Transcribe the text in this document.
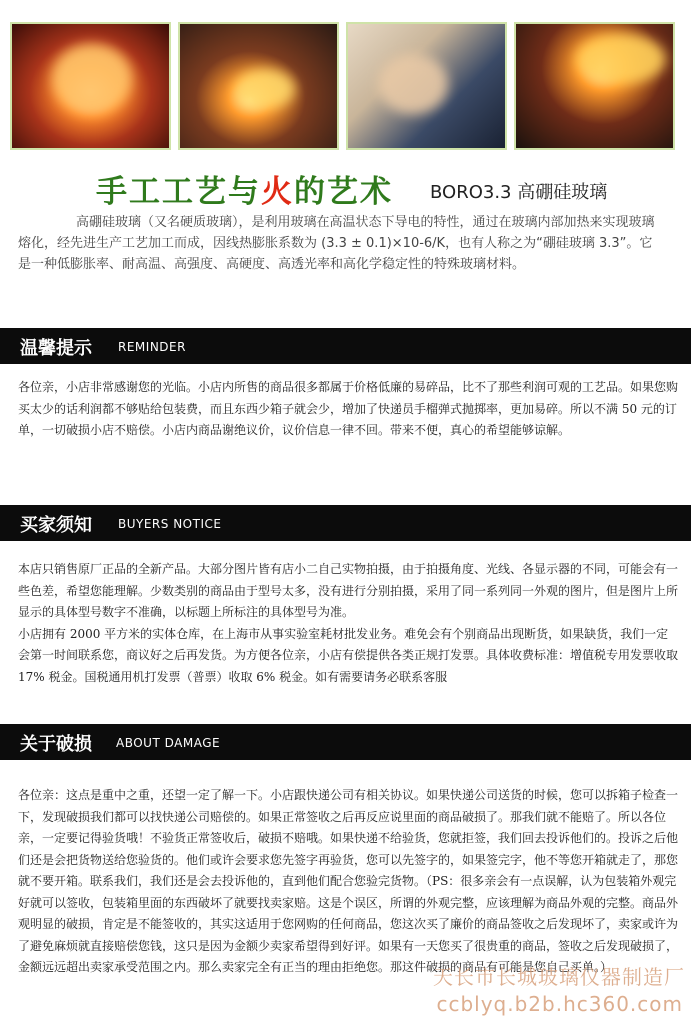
手工工艺与火的艺术 BORO3.3 高硼硅玻璃
高硼硅玻璃（又名硬质玻璃），是利用玻璃在高温状态下导电的特性，通过在玻璃内部加热来实现玻璃熔化，经先进生产工艺加工而成，因线热膨胀系数为 (3.3 ± 0.1)×10-6/K，也有人称之为“硼硅玻璃 3.3”。它是一种低膨胀率、耐高温、高强度、高硬度、高透光率和高化学稳定性的特殊玻璃材料。
温馨提示 REMINDER

各位亲，小店非常感谢您的光临。小店内所售的商品很多都属于价格低廉的易碎品，比不了那些利润可观的工艺品。如果您购买太少的话利润都不够贴给包装费，而且东西少箱子就会少，增加了快递员手榴弹式抛掷率，更加易碎。所以不满 50 元的订单，一切破损小店不赔偿。小店内商品谢绝议价，议价信息一律不回。带来不便，真心的希望能够谅解。

买家须知 BUYERS NOTICE

本店只销售原厂正品的全新产品。大部分图片皆有店小二自己实物拍摄，由于拍摄角度、光线、各显示器的不同，可能会有一些色差，希望您能理解。少数类别的商品由于型号太多，没有进行分别拍摄，采用了同一系列同一外观的图片，但是图片上所显示的具体型号数字不准确，以标题上所标注的具体型号为准。

小店拥有 2000 平方米的实体仓库，在上海市从事实验室耗材批发业务。难免会有个别商品出现断货，如果缺货，我们一定会第一时间联系您，商议好之后再发货。为方便各位亲，小店有偿提供各类正规打发票。具体收费标准：增值税专用发票收取 17% 税金。国税通用机打发票（普票）收取 6% 税金。如有需要请务必联系客服

关于破损 ABOUT DAMAGE

各位亲：这点是重中之重，还望一定了解一下。小店跟快递公司有相关协议。如果快递公司送货的时候，您可以拆箱子检查一下，发现破损我们都可以找快递公司赔偿的。如果正常签收之后再反应说里面的商品破损了。那我们就不能赔了。所以各位亲，一定要记得验货哦！不验货正常签收后，破损不赔哦。如果快递不给验货，您就拒签，我们回去投诉他们的。投诉之后他们还是会把货物送给您验货的。他们或许会要求您先签字再验货，您可以先签字的，如果签完字，他不等您开箱就走了，那您就不要开箱。联系我们，我们还是会去投诉他的，直到他们配合您验完货物。（PS：很多亲会有一点误解，认为包装箱外观完好就可以签收，包装箱里面的东西破坏了就要找卖家赔。这是个误区，所谓的外观完整，应该理解为商品外观的完整。商品外观明显的破损，肯定是不能签收的，其实这适用于您网购的任何商品，您这次买了廉价的商品签收之后发现坏了，卖家或许为了避免麻烦就直接赔偿您钱，这只是因为金额少卖家希望得到好评。如果有一天您买了很贵重的商品，签收之后发现破损了，金额远远超出卖家承受范围之内。那么卖家完全有正当的理由拒绝您。那这件破损的商品有可能是您自己买单。）

天长市长城玻璃仪器制造厂
ccblyq.b2b.hc360.com
